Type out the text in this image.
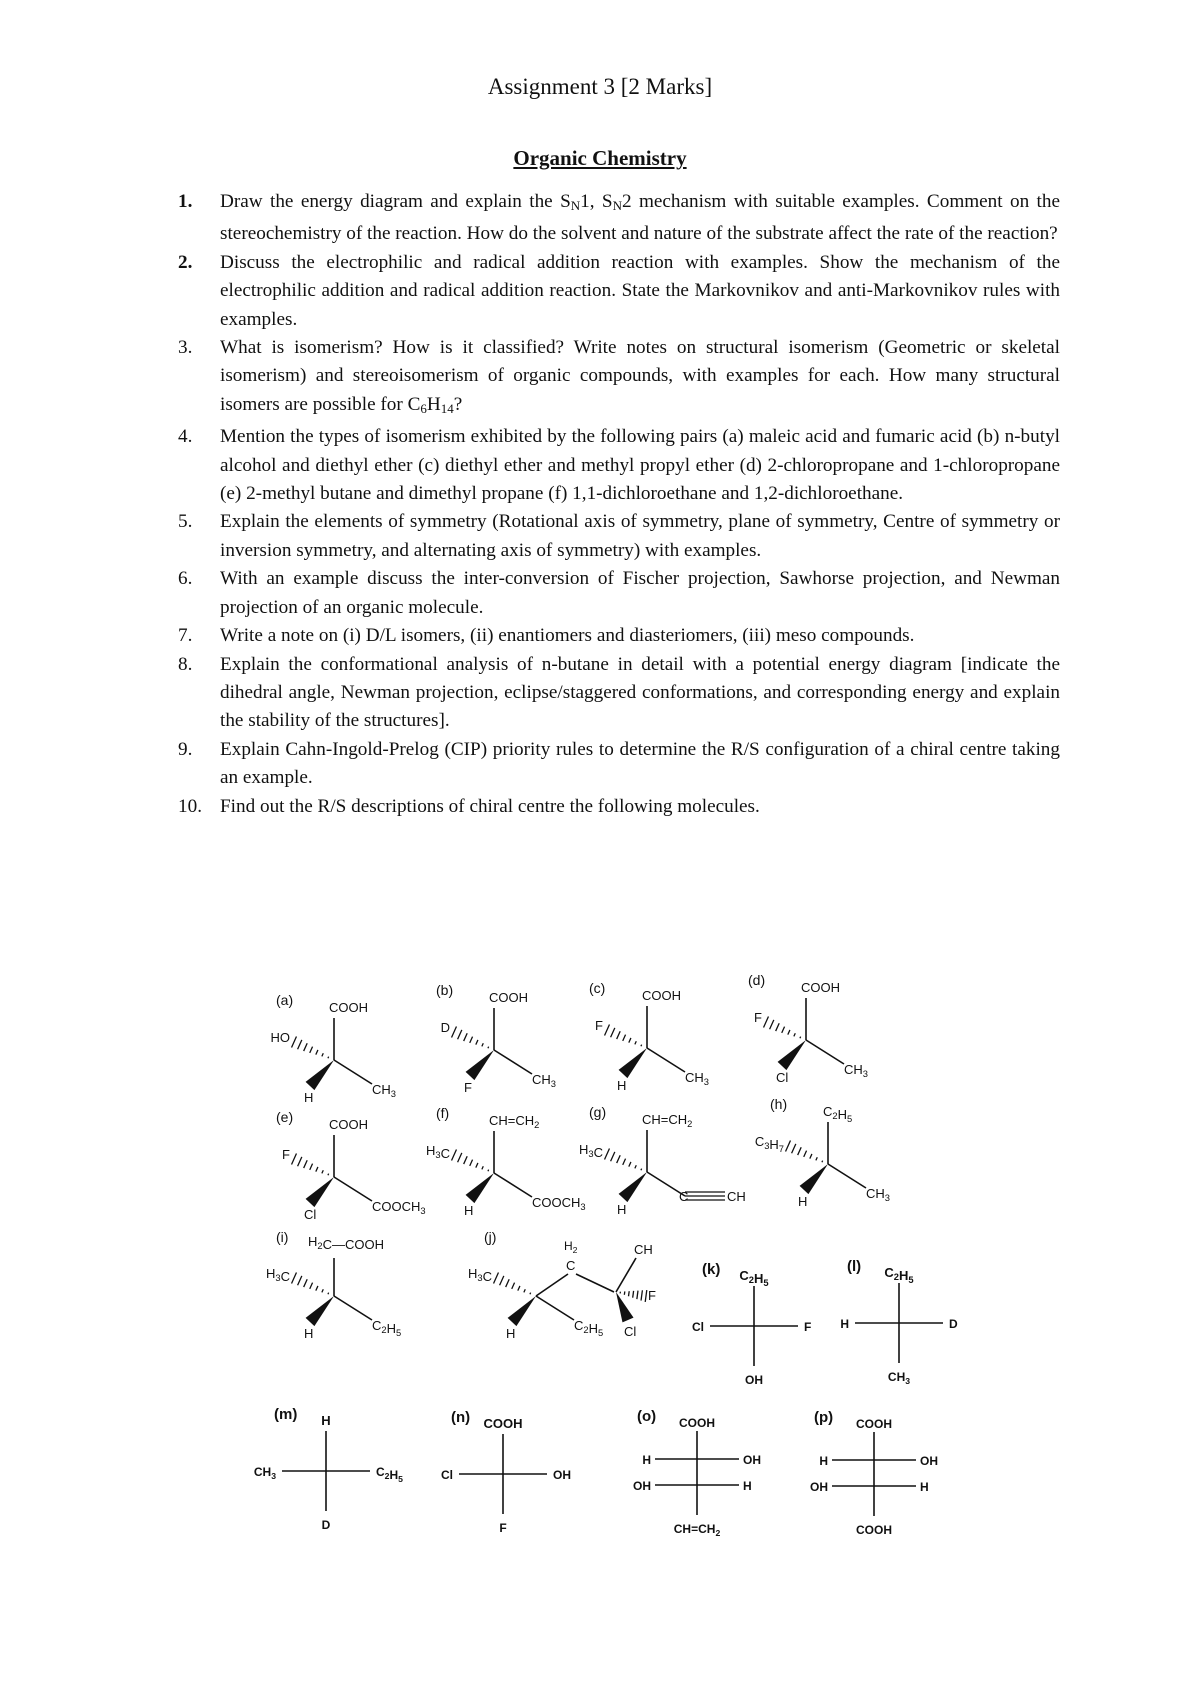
Assignment 3 [2 Marks]
Organic Chemistry
1.	Draw the energy diagram and explain the $S_N1$, $S_N2$ mechanism with suitable examples. Comment on the stereochemistry of the reaction. How do the solvent and nature of the substrate affect the rate of the reaction?
2.	Discuss the electrophilic and radical addition reaction with examples. Show the mechanism of the electrophilic addition and radical addition reaction. State the Markovnikov and anti-Markovnikov rules with examples.
3.	What is isomerism? How is it classified? Write notes on structural isomerism (Geometric or skeletal isomerism) and stereoisomerism of organic compounds, with examples for each. How many structural isomers are possible for $C_6H_{14}$?
4.	Mention the types of isomerism exhibited by the following pairs (a) maleic acid and fumaric acid (b) n-butyl alcohol and diethyl ether (c) diethyl ether and methyl propyl ether (d) 2-chloropropane and 1-chloropropane (e) 2-methyl butane and dimethyl propane (f) 1,1-dichloroethane and 1,2-dichloroethane.
5.	Explain the elements of symmetry (Rotational axis of symmetry, plane of symmetry, Centre of symmetry or inversion symmetry, and alternating axis of symmetry) with examples.
6.	With an example discuss the inter-conversion of Fischer projection, Sawhorse projection, and Newman projection of an organic molecule.
7.	Write a note on (i) D/L isomers, (ii) enantiomers and diasteriomers, (iii) meso compounds.
8.	Explain the conformational analysis of n-butane in detail with a potential energy diagram [indicate the dihedral angle, Newman projection, eclipse/staggered conformations, and corresponding energy and explain the stability of the structures].
9.	Explain Cahn-Ingold-Prelog (CIP) priority rules to determine the R/S configuration of a chiral centre taking an example.
10. Find out the R/S descriptions of chiral centre the following molecules.
(a)	COOH
HO
$CH_3$
H
(b)	COOH
D
$CH_3$
F
(c)	COOH
F
$CH_3$
H
(d)	COOH
F
$CH_3$
Cl
(e)	COOH
F
$COOCH_3$
Cl
(f)	$CH=CH_2$
$H_3C$
$COOCH_3$
H
(g)	$CH=CH_2$
$H_3C$
C	CH
H
(h)	$C_2H_5$
$C_3H_7$
$CH_3$
H
(i) $H_2C—COOH$
$H_3C$
$C_2H_5$
H
(j)
$H_3C$
H
$C_2H_5$
$H_2$
C
CH
F
Cl
(k) $C_2H_5$
Cl	F
OH
(l) $C_2H_5$
H	D
$CH_3$
(m) H
$CH_3$	$C_2H_5$
D
(n) COOH
Cl	OH
F
(o) COOH
H	OH
OH	H
$CH=CH_2$
(p) COOH
H	OH
OH	H
COOH
